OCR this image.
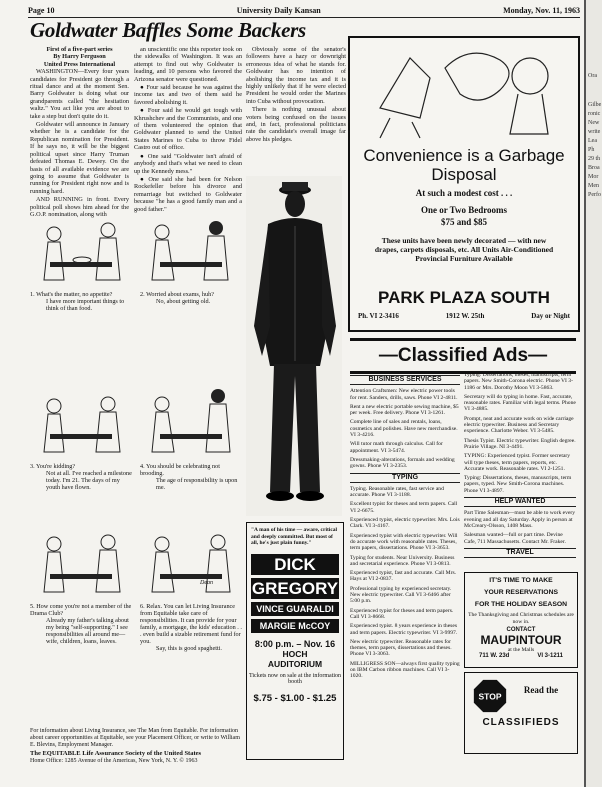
Page 10	University Daily Kansan	Monday, Nov. 11, 1963
Goldwater Baffles Some Backers
First of a five-part series
By Harry Ferguson
United Press International

WASHINGTON—Every four years candidates for President go through a ritual dance and at the moment Sen. Barry Goldwater is doing what our grandparents called "the hesitation waltz." You act like you are about to take a step but don't quite do it.

Goldwater will announce in January whether he is a candidate for the Republican nomination for President. If he says no, it will be the biggest political upset since Harry Truman defeated Thomas E. Dewey. On the basis of all available evidence we are going to assume that Goldwater is running for President right now and is running hard.

AND RUNNING in front. Every political poll shows him ahead for the G.O.P. nomination, along with

an unscientific one this reporter took on the sidewalks of Washington. It was an attempt to find out why Goldwater is leading, and 10 persons who favored the Arizona senator were questioned.

● Four said because he was against the income tax and two of them said he favored abolishing it.

● Four said he would get tough with Khrushchev and the Communists, and one of them volunteered the opinion that Goldwater planned to send the United States Marines to Cuba to throw Fidel Castro out of office.

● One said "Goldwater isn't afraid of anybody and that's what we need to clean up the Kennedy mess."

● One said she had been for Nelson Rockefeller before his divorce and remarriage but switched to Goldwater because "he has a good family man and a good father."

Obviously some of the senator's followers have a hazy or downright erroneous idea of what he stands for. Goldwater has no intention of abolishing the income tax and it is highly unlikely that if he were elected President he would order the Marines into Cuba without provocation.

There is nothing unusual about voters being confused on the issues and, in fact, professional politicians rate the candidate's overall image far above his pledges.

1. What's the matter, no appetite?
I have more important things to think of than food.
2. Worried about exams, huh?
No, about getting old.
3. You're kidding?
Not at all. I've reached a milestone today. I'm 21. The days of my youth have flown.
4. You should be celebrating not brooding.
The age of responsibility is upon me.
5. How come you're not a member of the Drama Club?
Already my father's talking about my being "self-supporting." I see responsibilities all around me—wife, children, loans, leaves.
6. Relax. You can let Living Insurance from Equitable take care of responsibilities. It can provide for your family, a mortgage, the kids' education . . . even build a sizable retirement fund for you.
Say, this is good spaghetti.
Dean
For information about Living Insurance, see The Man from Equitable. For information about career opportunities at Equitable, see your Placement Officer, or write to William E. Blevins, Employment Manager.
The EQUITABLE Life Assurance Society of the United States
Home Office: 1285 Avenue of the Americas, New York, N. Y. © 1963
"A man of his time — aware, critical and deeply committed. But most of all, he's just plain funny."
DICK
GREGORY
VINCE GUARALDI
MARGIE McCOY
8:00 p.m. – Nov. 16
HOCH
AUDITORIUM
Tickets now on sale at the information booth
$.75 - $1.00 - $1.25
Convenience is a Garbage Disposal
At such a modest cost . . .
One or Two Bedrooms
$75 and $85
These units have been newly decorated — with new drapes, carpets disposals, etc. All Units Air-Conditioned Provincial Furniture Available
PARK PLAZA SOUTH
Ph. VI 2-3416	1912 W. 25th	Day or Night
—Classified Ads—
BUSINESS SERVICES

Attention Craftsmen: New electric power tools for rent. Sanders, drills, saws. Phone VI 2-4811.

Rent a new electric portable sewing machine, $5 per week. Free delivery. Phone VI 3-1261.

Complete line of sales and rentals, loans, cosmetics and polishes. Have new merchandise. VI 3-4216.

Will tutor math through calculus. Call for appointment. VI 3-5474.

Dressmaking-alterations, formals and wedding gowns. Phone VI 3-2353.

TYPING

Typing. Reasonable rates, fast service and accurate. Phone VI 3-1188.

Excellent typist for theses and term papers. Call VI 2-6675.

Experienced typist, electric typewriter. Mrs. Lois Clark. VI 3-4167.

Experienced typist with electric typewriter. Will do accurate work with reasonable rates. Theses, term papers, dissertations. Phone VI 3-3653.

Typing for students. Near University. Business and secretarial experience. Phone VI 3-0813.

Experienced typist, fast and accurate. Call Mrs. Hays at VI 2-0837.

Professional typing by experienced secretary. New electric typewriter. Call VI 3-6466 after 5:00 p.m.

Experienced typist for theses and term papers. Call VI 3-8668.

Experienced typist. 8 years experience in theses and term papers. Electric typewriter. VI 3-9997.

New electric typewriter. Reasonable rates for themes, term papers, dissertations and theses. Phone VI 3-3063.

MILLIGRESS SON—always first quality typing on IBM Carbon ribbon machines. Call VI 3-1020.

Typing: Dissertations, theses, manuscripts, term papers. New Smith-Corona electric. Phone VI 3-1186 or Mrs. Dorothy Moon VI 3-5863.

Secretary will do typing in home. Fast, accurate, reasonable rates. Familiar with legal terms. Phone VI 3-4885.

Prompt, neat and accurate work on wide carriage electric typewriter. Business and Secretary experience. Charlotte Weber. VI 3-5485.

Thesis Typist. Electric typewriter. English degree. Prairie Village. NI 3-4491.

TYPING: Experienced typist. Former secretary will type theses, term papers, reports, etc. Accurate work. Reasonable rates. VI 2-1251.

Typing: Dissertations, theses, manuscripts, term papers, typed. New Smith-Corona machines. Phone VI 3-4897.

HELP WANTED

Part Time Salesman—must be able to work every evening and all day Saturday. Apply in person at McCreary-Olsson, 1408 Mass.

Salesman wanted—full or part time. Devine Cafe, 711 Massachusetts. Contact Mr. Fraker.

TRAVEL
IT'S TIME TO MAKE
YOUR RESERVATIONS
FOR THE HOLIDAY SEASON
The Thanksgiving and Christmas schedules are now in.
CONTACT
MAUPINTOUR
at the Malls
711 W. 23d	VI 3-1211
STOP
Read the
CLASSIFIEDS
Ora
Gilbe
ronic
New
write
Lea
Ph
29 th
Broa
Mor
Men
Perfo
